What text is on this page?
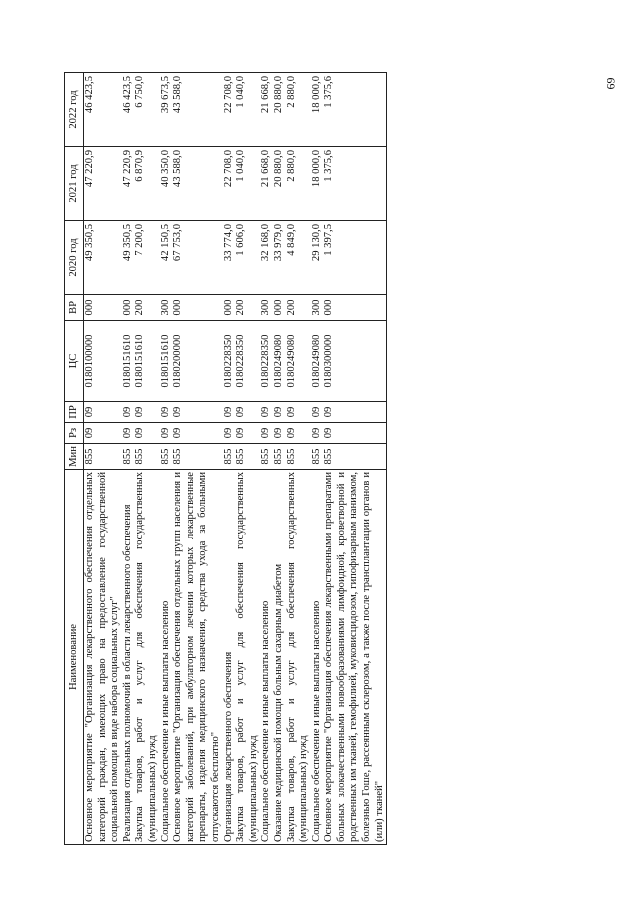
69
Наименование	Мин	Рз	ПР	ЦС	ВР	2020 год	2021 год	2022 год
Основное мероприятие "Организация лекарственного обеспечения отдельных категорий граждан, имеющих право на предоставление государственной социальной помощи в виде набора социальных услуг"	855	09	09	0180100000	000	49 350,5	47 220,9	46 423,5

Реализация отдельных полномочий в области лекарственного обеспечения	855	09	09	0180151610	000	49 350,5	47 220,9	46 423,5

Закупка товаров, работ и услуг для обеспечения государственных (муниципальных) нужд	855	09	09	0180151610	200	7 200,0	6 870,9	6 750,0

Социальное обеспечение и иные выплаты населению	855	09	09	0180151610	300	42 150,5	40 350,0	39 673,5

Основное мероприятие "Организация обеспечения отдельных групп населения и категорий заболеваний, при амбулаторном лечении которых лекарственные препараты, изделия медицинского назначения, средства ухода за больными отпускаются бесплатно"	855	09	09	0180200000	000	67 753,0	43 588,0	43 588,0

Организация лекарственного обеспечения	855	09	09	0180228350	000	33 774,0	22 708,0	22 708,0

Закупка товаров, работ и услуг для обеспечения государственных (муниципальных) нужд	855	09	09	0180228350	200	1 606,0	1 040,0	1 040,0

Социальное обеспечение и иные выплаты населению	855	09	09	0180228350	300	32 168,0	21 668,0	21 668,0

Оказание медицинской помощи больным сахарным диабетом	855	09	09	0180249080	000	33 979,0	20 880,0	20 880,0

Закупка товаров, работ и услуг для обеспечения государственных (муниципальных) нужд	855	09	09	0180249080	200	4 849,0	2 880,0	2 880,0

Социальное обеспечение и иные выплаты населению	855	09	09	0180249080	300	29 130,0	18 000,0	18 000,0

Основное мероприятие "Организация обеспечения лекарственными препаратами больных злокачественными новообразованиями лимфоидной, кроветворной и родственных им тканей, гемофилией, муковисцидозом, гипофизарным нанизмом, болезнью Гоше, рассеянным склерозом, а также после трансплантации органов и (или) тканей"	855	09	09	0180300000	000	1 397,5	1 375,6	1 375,6
